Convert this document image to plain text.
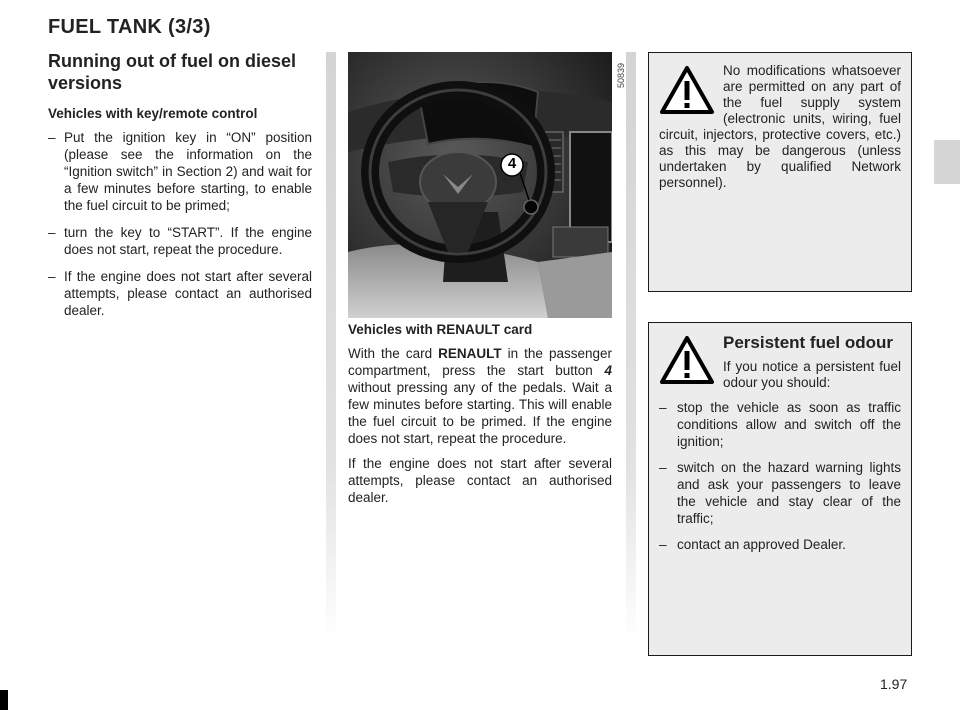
FUEL TANK (3/3)
Running out of fuel on diesel versions
Vehicles with key/remote control
– Put the ignition key in “ON” position (please see the information on the “Ignition switch” in Section 2) and wait for a few minutes before starting, to enable the fuel circuit to be primed;
– turn the key to “START”. If the engine does not start, repeat the procedure.
– If the engine does not start after several attempts, please contact an authorised dealer.
4
50839
Vehicles with RENAULT card

With the card RENAULT in the passenger compartment, press the start button 4 without pressing any of the pedals. Wait a few minutes before starting. This will enable the fuel circuit to be primed. If the engine does not start, repeat the procedure.

If the engine does not start after several attempts, please contact an authorised dealer.

No modifications whatsoever are permitted on any part of the fuel supply system (electronic units, wiring, fuel circuit, injectors, protective covers, etc.) as this may be dangerous (unless undertaken by qualified Network personnel).
Persistent fuel odour
If you notice a persistent fuel odour you should:
– stop the vehicle as soon as traffic conditions allow and switch off the ignition;
– switch on the hazard warning lights and ask your passengers to leave the vehicle and stay clear of the traffic;
– contact an approved Dealer.
1.97
